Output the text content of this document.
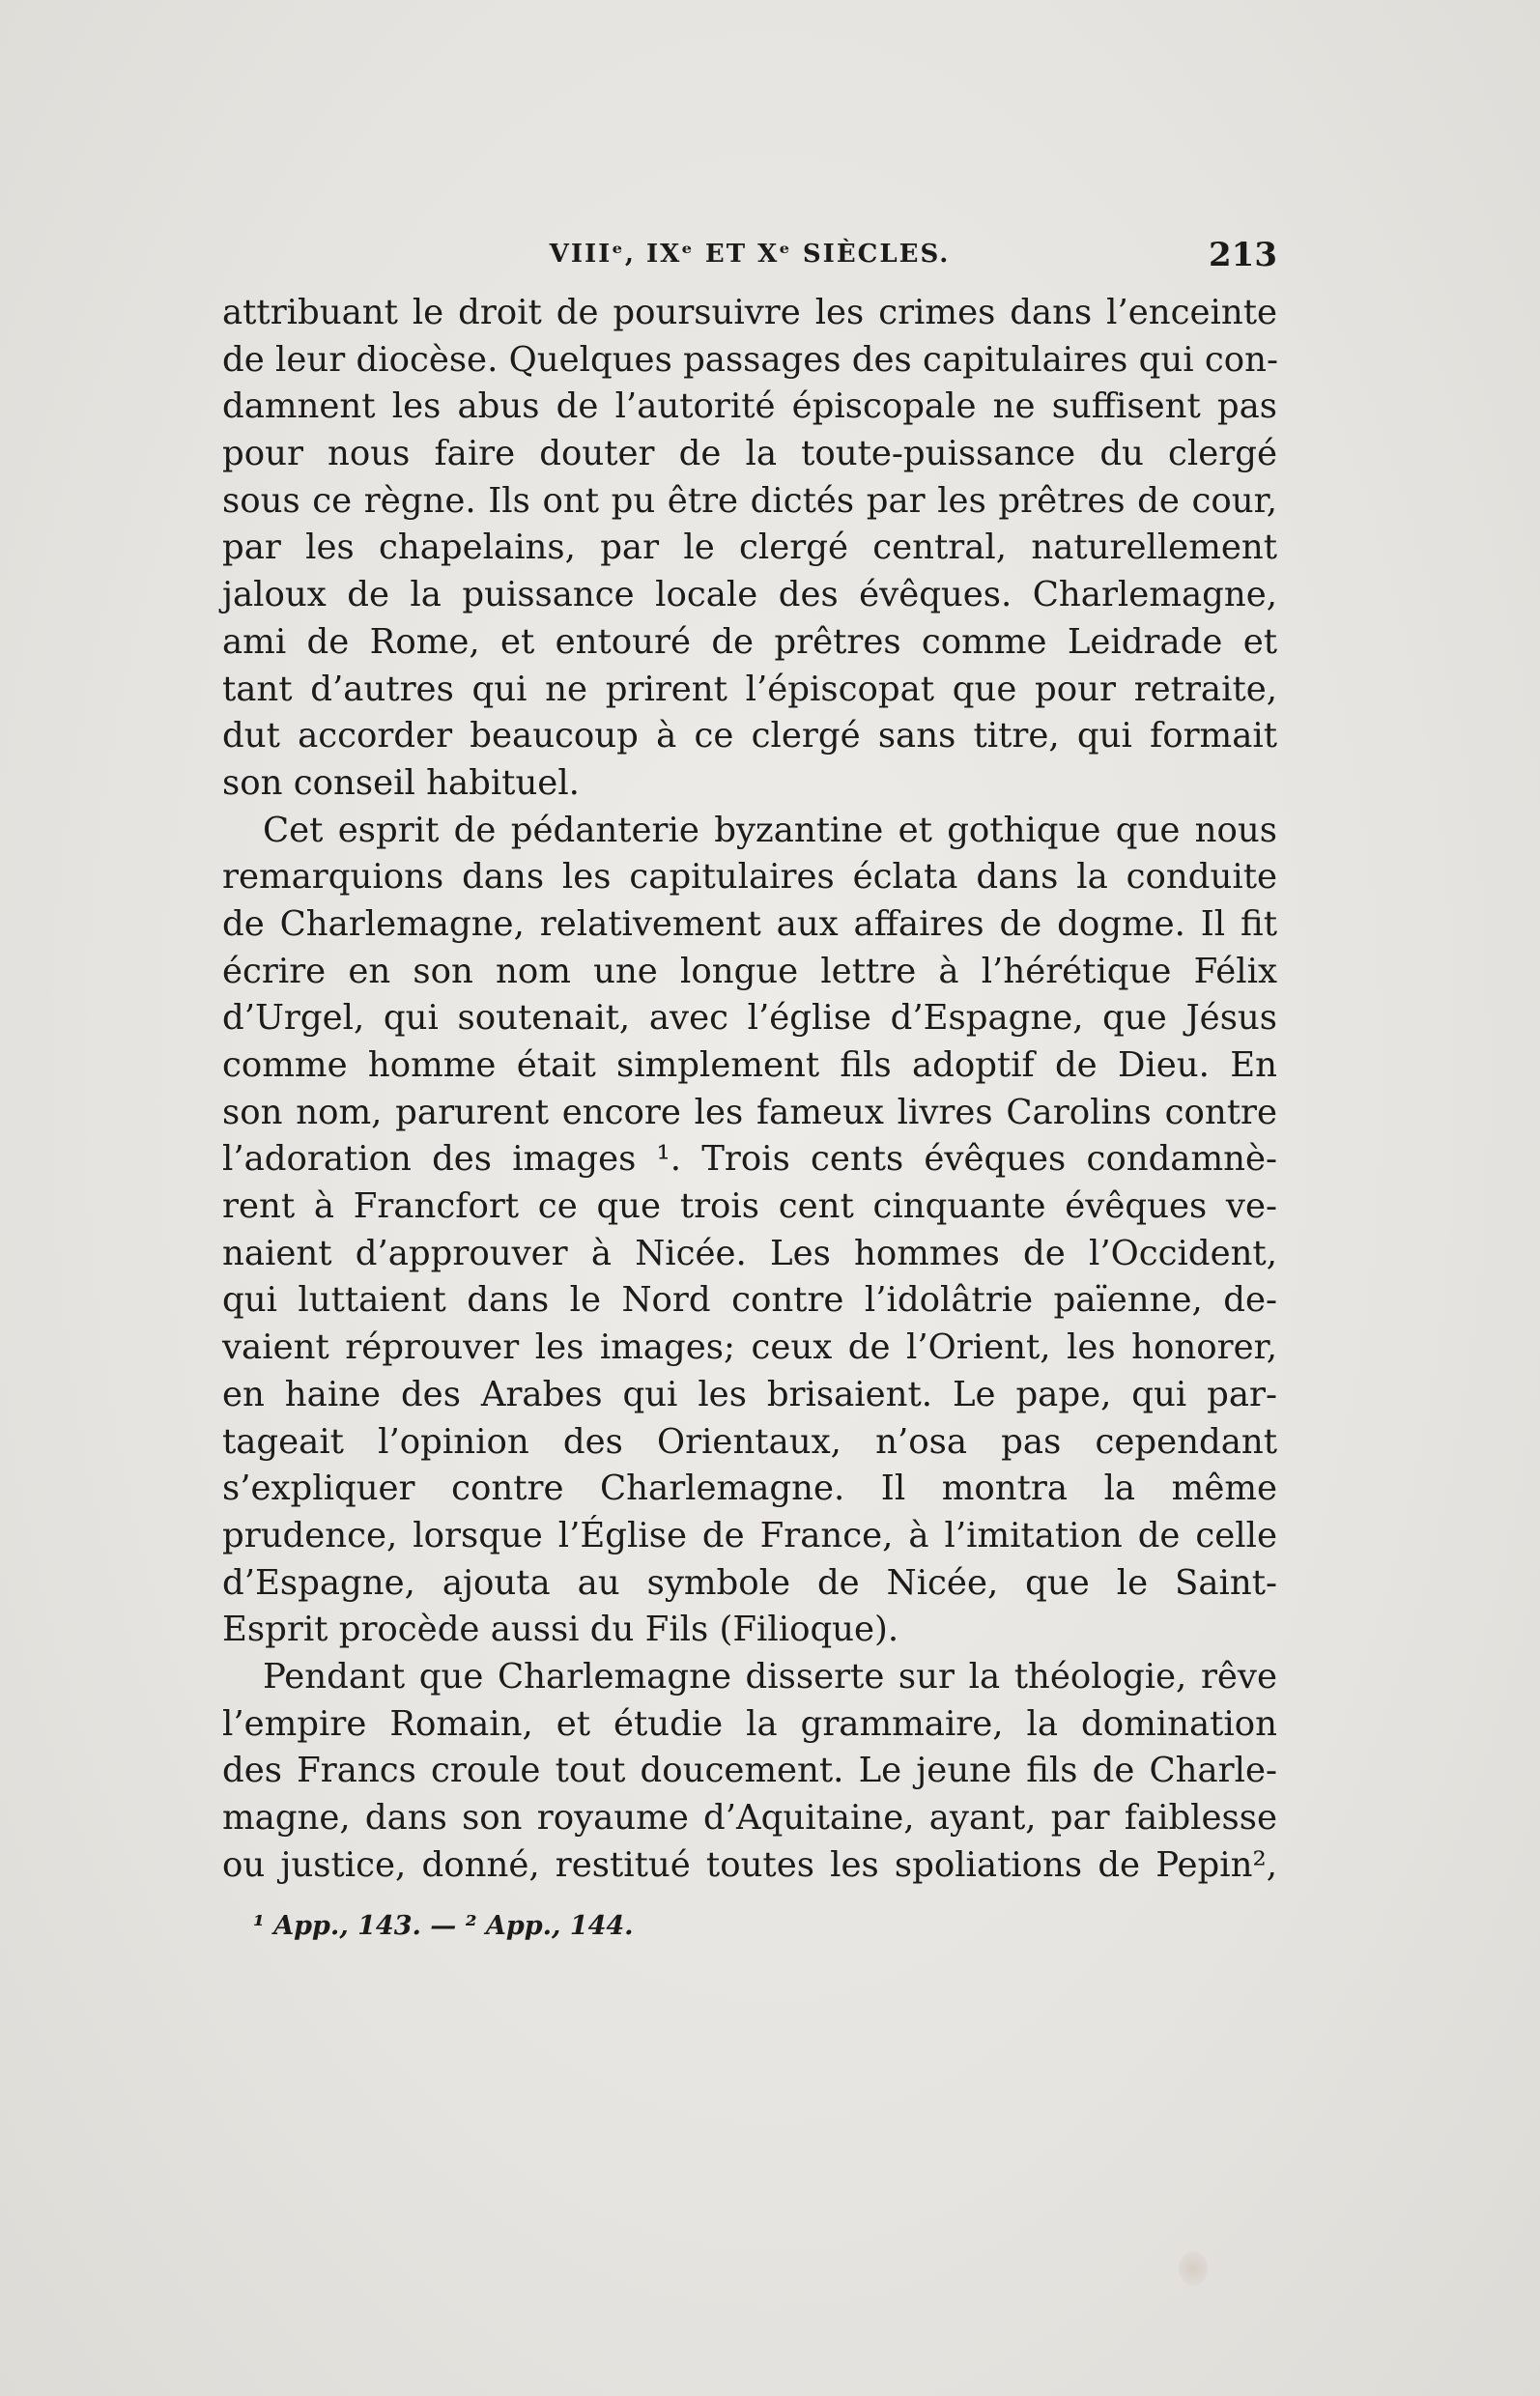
VIIIᵉ, IXᵉ ET Xᵉ SIÈCLES.	213
attribuant le droit de poursuivre les crimes dans l’enceinte
de leur diocèse. Quelques passages des capitulaires qui con-
damnent les abus de l’autorité épiscopale ne suffisent pas
pour nous faire douter de la toute-puissance du clergé
sous ce règne. Ils ont pu être dictés par les prêtres de cour,
par les chapelains, par le clergé central, naturellement
jaloux de la puissance locale des évêques. Charlemagne,
ami de Rome, et entouré de prêtres comme Leidrade et
tant d’autres qui ne prirent l’épiscopat que pour retraite,
dut accorder beaucoup à ce clergé sans titre, qui formait
son conseil habituel.
Cet esprit de pédanterie byzantine et gothique que nous
remarquions dans les capitulaires éclata dans la conduite
de Charlemagne, relativement aux affaires de dogme. Il fit
écrire en son nom une longue lettre à l’hérétique Félix
d’Urgel, qui soutenait, avec l’église d’Espagne, que Jésus
comme homme était simplement fils adoptif de Dieu. En
son nom, parurent encore les fameux livres Carolins contre
l’adoration des images ¹. Trois cents évêques condamnè-
rent à Francfort ce que trois cent cinquante évêques ve-
naient d’approuver à Nicée. Les hommes de l’Occident,
qui luttaient dans le Nord contre l’idolâtrie païenne, de-
vaient réprouver les images; ceux de l’Orient, les honorer,
en haine des Arabes qui les brisaient. Le pape, qui par-
tageait l’opinion des Orientaux, n’osa pas cependant
s’expliquer contre Charlemagne. Il montra la même
prudence, lorsque l’Église de France, à l’imitation de celle
d’Espagne, ajouta au symbole de Nicée, que le Saint-
Esprit procède aussi du Fils (Filioque).
Pendant que Charlemagne disserte sur la théologie, rêve
l’empire Romain, et étudie la grammaire, la domination
des Francs croule tout doucement. Le jeune fils de Charle-
magne, dans son royaume d’Aquitaine, ayant, par faiblesse
ou justice, donné, restitué toutes les spoliations de Pepin²,
¹ App., 143. — ² App., 144.
